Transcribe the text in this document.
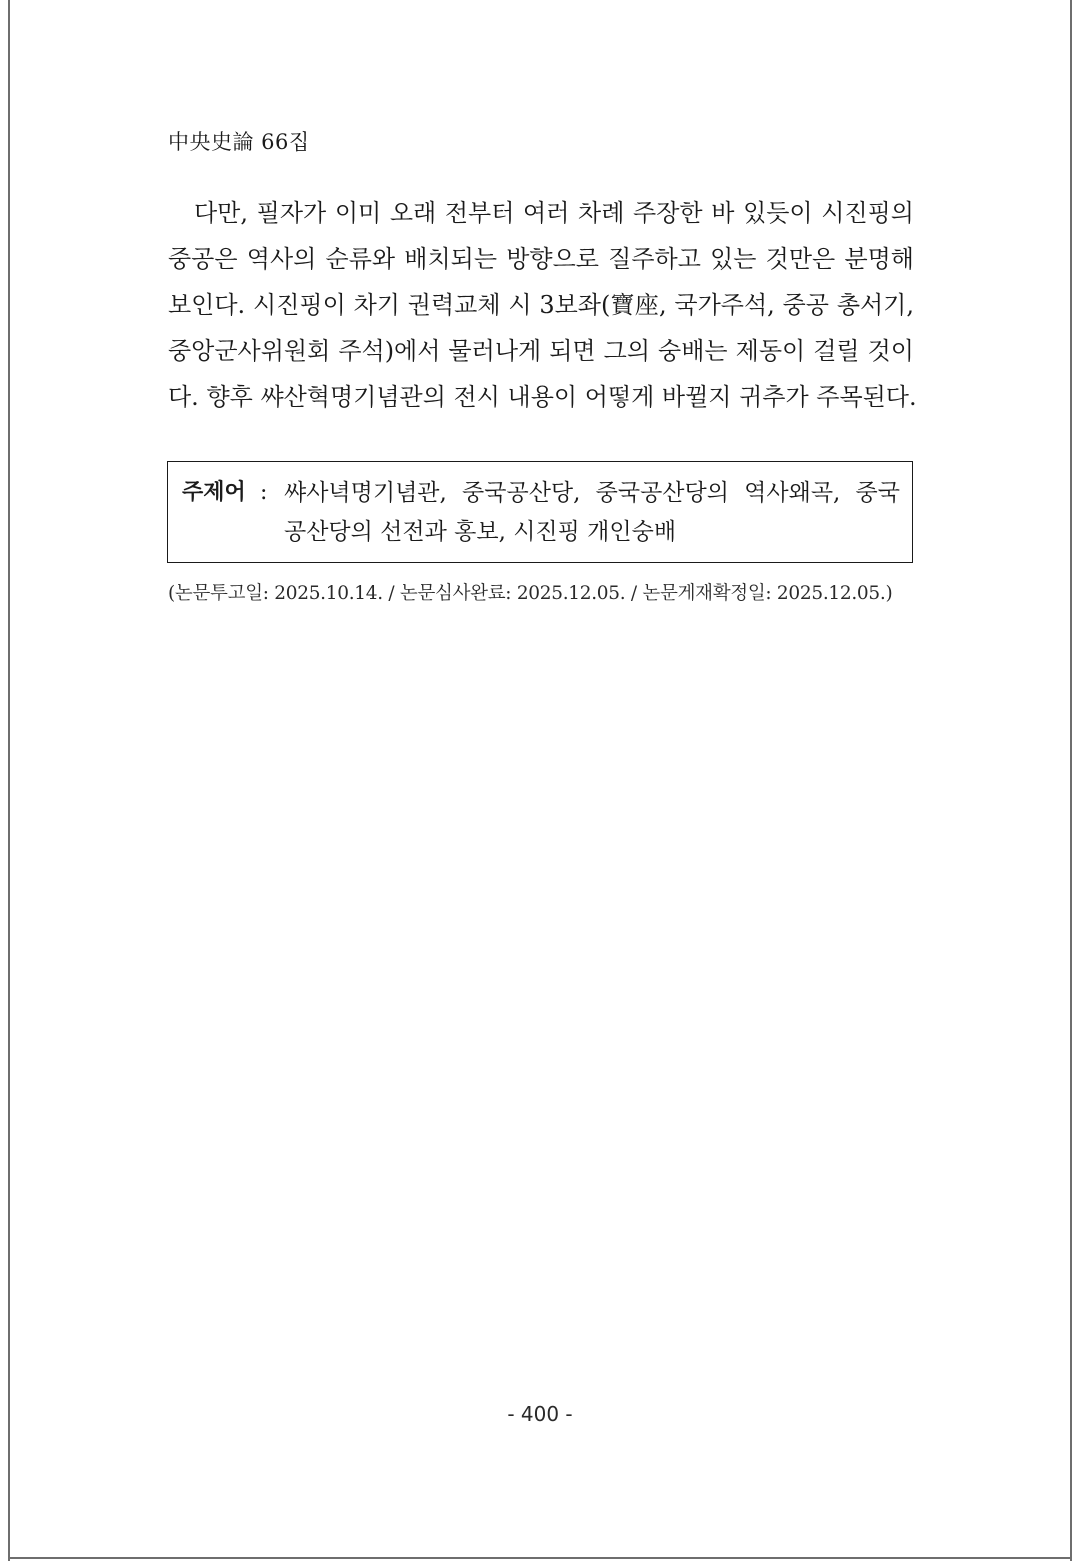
中央史論 66집
다만, 필자가 이미 오래 전부터 여러 차례 주장한 바 있듯이 시진핑의
중공은 역사의 순류와 배치되는 방향으로 질주하고 있는 것만은 분명해
보인다. 시진핑이 차기 권력교체 시 3보좌(寶座, 국가주석, 중공 총서기,
중앙군사위원회 주석)에서 물러나게 되면 그의 숭배는 제동이 걸릴 것이
다. 향후 쌰산혁명기념관의 전시 내용이 어떻게 바뀔지 귀추가 주목된다.
주제어 : 쌰사녁명기념관, 중국공산당, 중국공산당의 역사왜곡, 중국
공산당의 선전과 홍보, 시진핑 개인숭배
(논문투고일: 2025.10.14. / 논문심사완료: 2025.12.05. / 논문게재확정일: 2025.12.05.)
- 400 -
